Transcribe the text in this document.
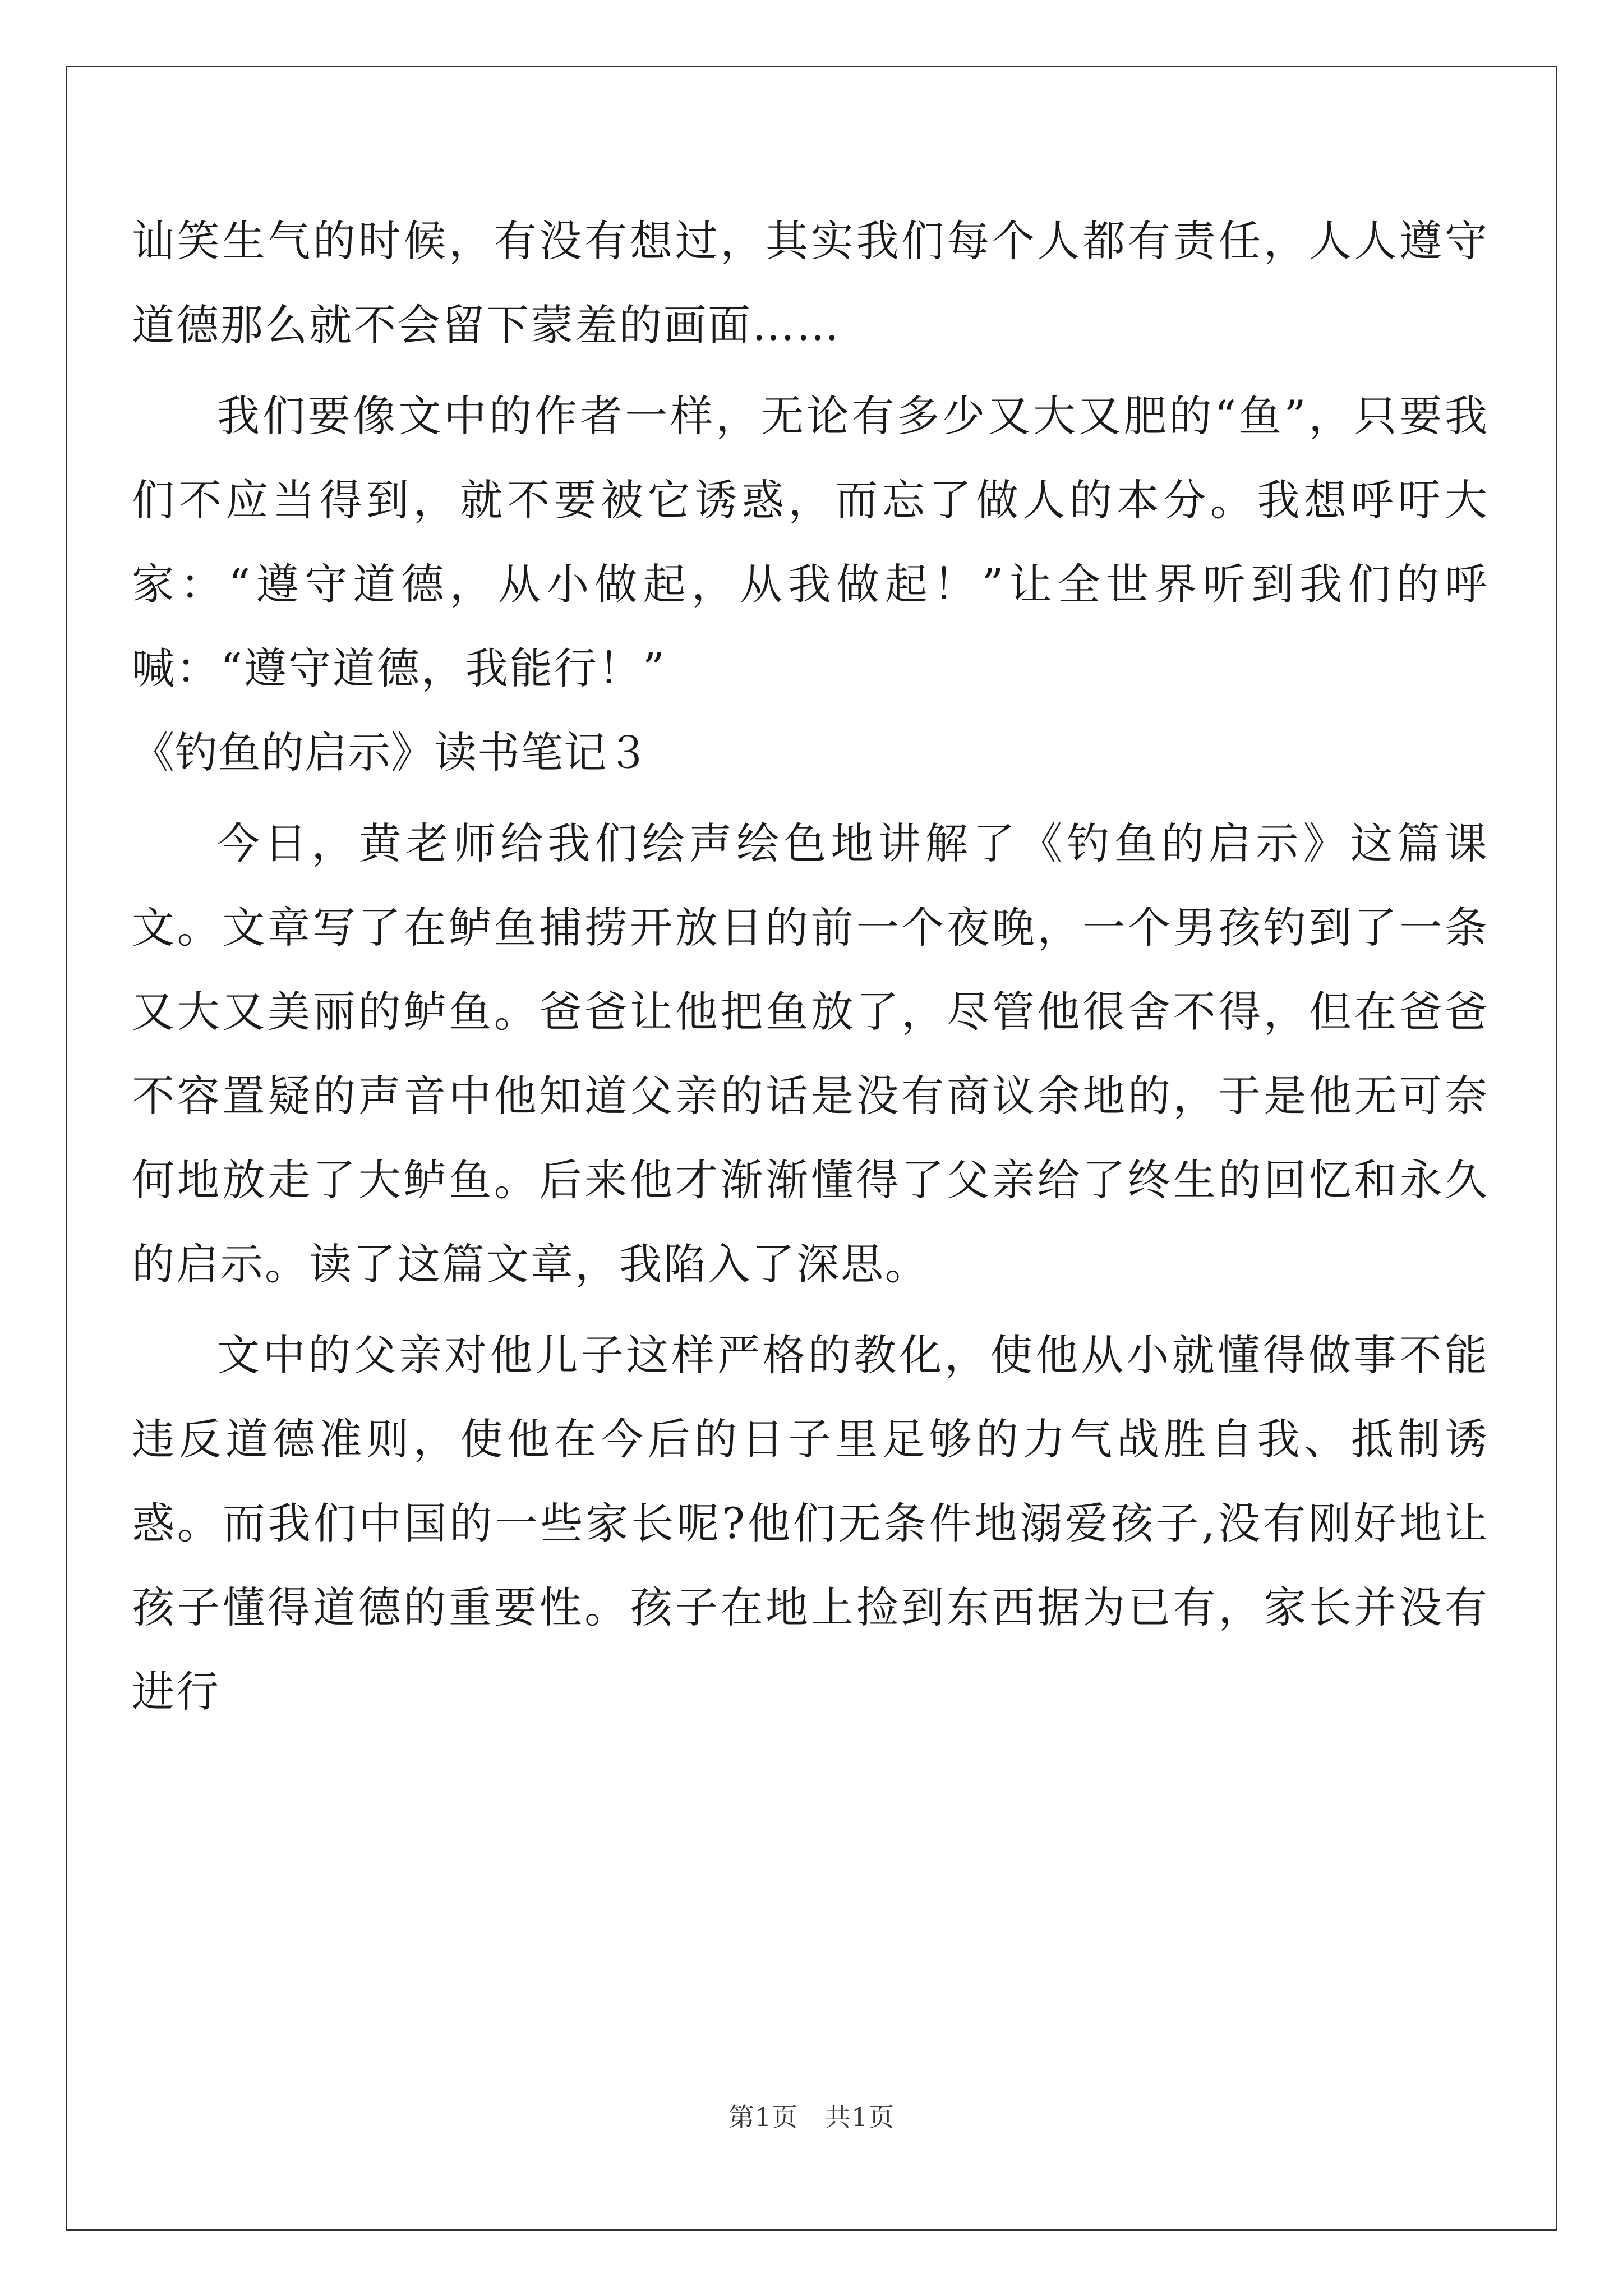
讪笑生气的时候，有没有想过，其实我们每个人都有责任，人人遵守道德那么就不会留下蒙羞的画面……

我们要像文中的作者一样，无论有多少又大又肥的“鱼”，只要我们不应当得到，就不要被它诱惑，而忘了做人的本分。我想呼吁大家：“遵守道德，从小做起，从我做起！”让全世界听到我们的呼喊：“遵守道德，我能行！”

《钓鱼的启示》读书笔记３

今日，黄老师给我们绘声绘色地讲解了《钓鱼的启示》这篇课文。文章写了在鲈鱼捕捞开放日的前一个夜晚，一个男孩钓到了一条又大又美丽的鲈鱼。爸爸让他把鱼放了，尽管他很舍不得，但在爸爸不容置疑的声音中他知道父亲的话是没有商议余地的，于是他无可奈何地放走了大鲈鱼。后来他才渐渐懂得了父亲给了终生的回忆和永久的启示。读了这篇文章，我陷入了深思。

文中的父亲对他儿子这样严格的教化，使他从小就懂得做事不能违反道德准则，使他在今后的日子里足够的力气战胜自我、抵制诱惑。而我们中国的一些家长呢?他们无条件地溺爱孩子,没有刚好地让孩子懂得道德的重要性。孩子在地上捡到东西据为已有，家长并没有进行

第1页 共1页
